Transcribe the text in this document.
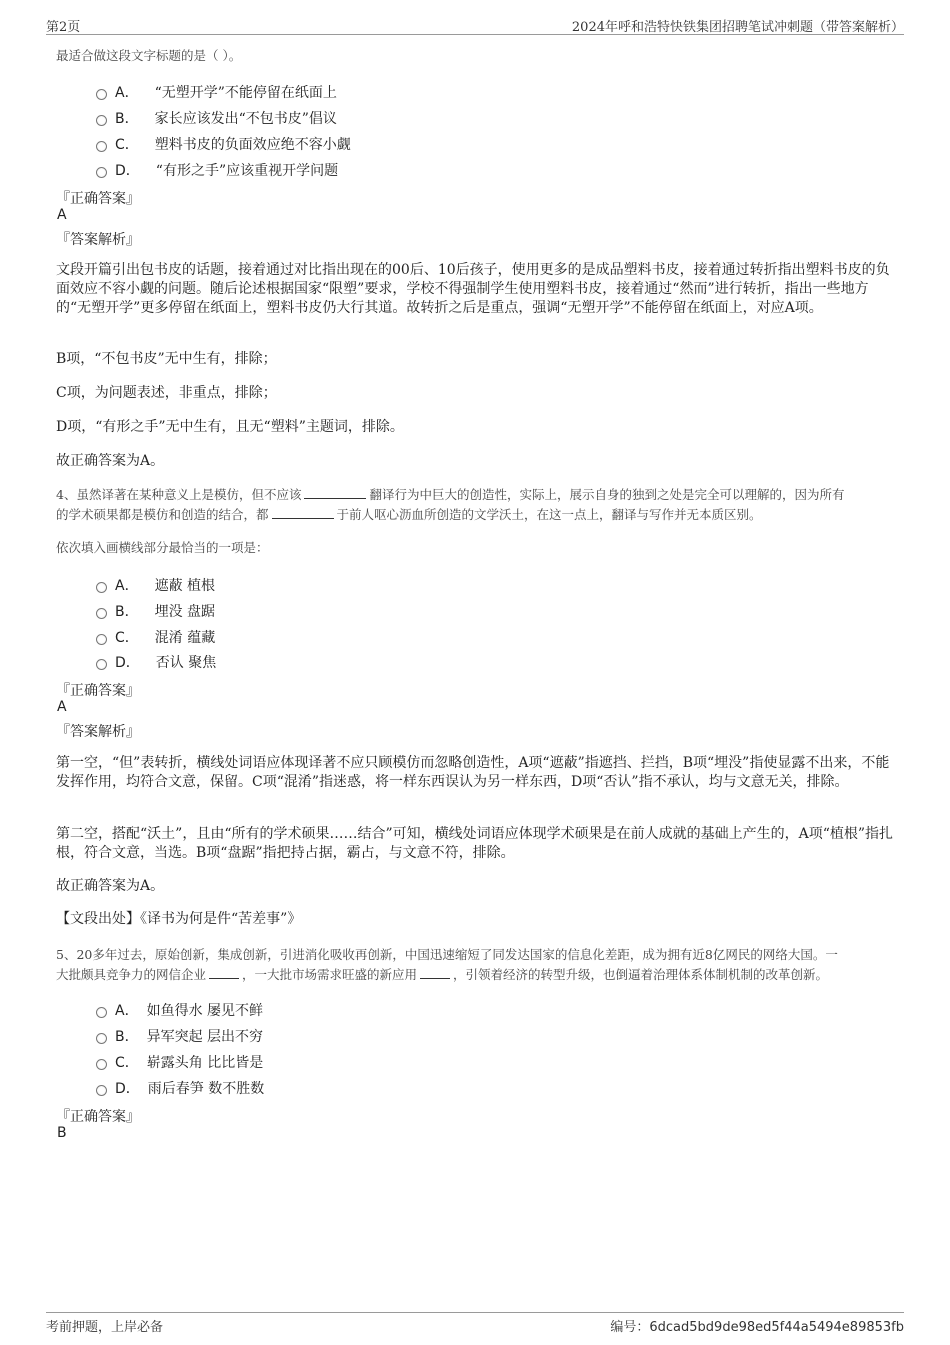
第2页	2024年呼和浩特快铁集团招聘笔试冲刺题（带答案解析）
最适合做这段文字标题的是（ ）。
A． “无塑开学”不能停留在纸面上
B． 家长应该发出“不包书皮”倡议
C． 塑料书皮的负面效应绝不容小觑
D． “有形之手”应该重视开学问题
『正确答案』
A
『答案解析』
文段开篇引出包书皮的话题，接着通过对比指出现在的00后、10后孩子，使用更多的是成品塑料书皮，接着通过转折指出塑料书皮的负面效应不容小觑的问题。随后论述根据国家“限塑”要求，学校不得强制学生使用塑料书皮，接着通过“然而”进行转折，指出一些地方的“无塑开学”更多停留在纸面上，塑料书皮仍大行其道。故转折之后是重点，强调“无塑开学”不能停留在纸面上，对应A项。
B项，“不包书皮”无中生有，排除；
C项，为问题表述，非重点，排除；
D项，“有形之手”无中生有，且无“塑料”主题词，排除。
故正确答案为A。
4、虽然译著在某种意义上是模仿，但不应该	翻译行为中巨大的创造性，实际上，展示自身的独到之处是完全可以理解的，因为所有
的学术硕果都是模仿和创造的结合，都	于前人呕心沥血所创造的文学沃土，在这一点上，翻译与写作并无本质区别。
依次填入画横线部分最恰当的一项是：
A． 遮蔽 植根
B． 埋没 盘踞
C． 混淆 蕴藏
D． 否认 聚焦
『正确答案』
A
『答案解析』
第一空，“但”表转折，横线处词语应体现译著不应只顾模仿而忽略创造性，A项“遮蔽”指遮挡、拦挡，B项“埋没”指使显露不出来，不能发挥作用，均符合文意，保留。C项“混淆”指迷惑，将一样东西误认为另一样东西，D项“否认”指不承认，均与文意无关，排除。
第二空，搭配“沃土”，且由“所有的学术硕果……结合”可知，横线处词语应体现学术硕果是在前人成就的基础上产生的，A项“植根”指扎根，符合文意，当选。B项“盘踞”指把持占据，霸占，与文意不符，排除。
故正确答案为A。
【文段出处】《译书为何是件“苦差事”》
5、20多年过去，原始创新，集成创新，引进消化吸收再创新，中国迅速缩短了同发达国家的信息化差距，成为拥有近8亿网民的网络大国。一
大批颇具竞争力的网信企业	，一大批市场需求旺盛的新应用	，引领着经济的转型升级，也倒逼着治理体系体制机制的改革创新。
A． 如鱼得水 屡见不鲜
B． 异军突起 层出不穷
C． 崭露头角 比比皆是
D． 雨后春笋 数不胜数
『正确答案』
B
考前押题，上岸必备	编号：6dcad5bd9de98ed5f44a5494e89853fb
